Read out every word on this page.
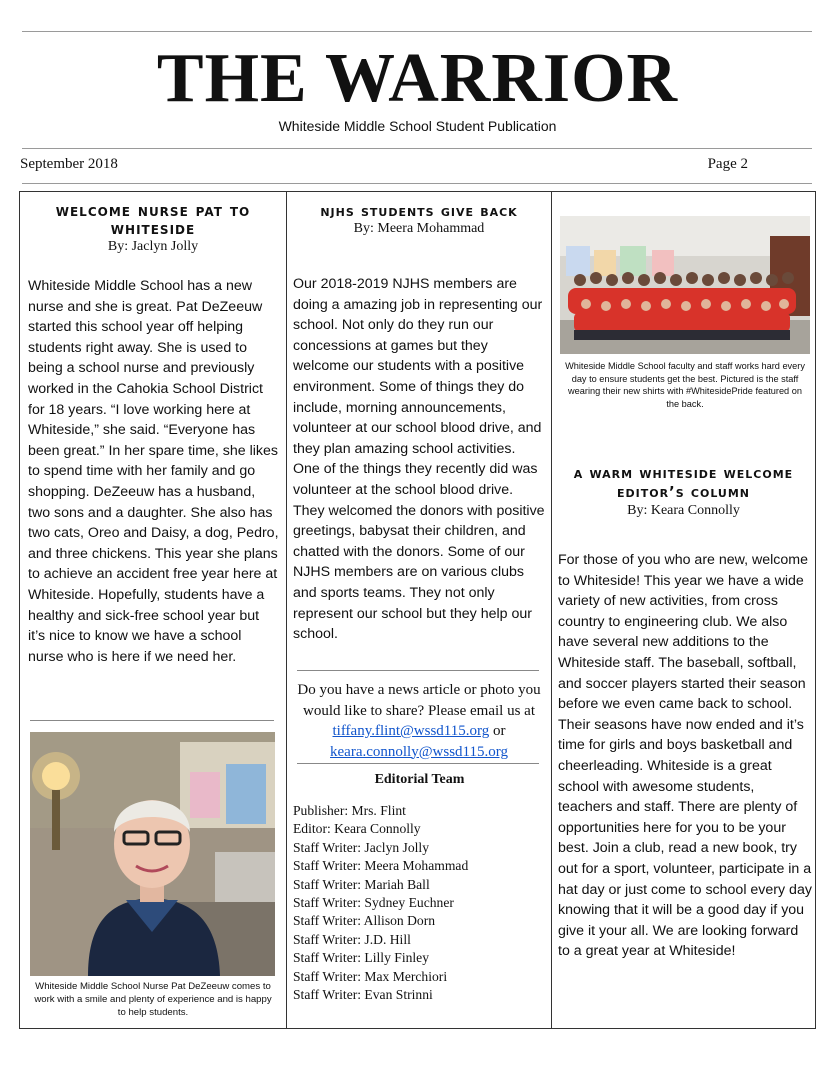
THE WARRIOR
Whiteside Middle School Student Publication
September 2018	Page 2
welcome nurse pat to whiteside
By: Jaclyn Jolly

Whiteside Middle School has a new nurse and she is great. Pat DeZeeuw started this school year off helping students right away. She is used to being a school nurse and previously worked in the Cahokia School District for 18 years. “I love working here at Whiteside,” she said. “Everyone has been great.” In her spare time, she likes to spend time with her family and go shopping. DeZeeuw has a husband, two sons and a daughter. She also has two cats, Oreo and Daisy, a dog, Pedro, and three chickens. This year she plans to achieve an accident free year here at Whiteside. Hopefully, students have a healthy and sick-free school year but it’s nice to know we have a school nurse who is here if we need her.

Whiteside Middle School Nurse Pat DeZeeuw comes to work with a smile and plenty of experience and is happy to help students.

njhs students give back
By: Meera Mohammad

Our 2018-2019 NJHS members are doing a amazing job in representing our school. Not only do they run our concessions at games but they welcome our students with a positive environment. Some of things they do include, morning announcements, volunteer at our school blood drive, and they plan amazing school activities. One of the things they recently did was volunteer at the school blood drive. They welcomed the donors with positive greetings, babysat their children, and chatted with the donors. Some of our NJHS members are on various clubs and sports teams. They not only represent our school but they help our school.

Do you have a news article or photo you would like to share? Please email us at tiffany.flint@wssd115.org or keara.connolly@wssd115.org

Editorial Team
Publisher: Mrs. Flint
Editor: Keara Connolly
Staff Writer: Jaclyn Jolly
Staff Writer: Meera Mohammad
Staff Writer: Mariah Ball
Staff Writer: Sydney Euchner
Staff Writer: Allison Dorn
Staff Writer: J.D. Hill
Staff Writer: Lilly Finley
Staff Writer: Max Merchiori
Staff Writer: Evan Strinni

Whiteside Middle School faculty and staff works hard every day to ensure students get the best. Pictured is the staff wearing their new shirts with #WhitesidePride featured on the back.

a warm whiteside welcome editor’s column
By: Keara Connolly

For those of you who are new, welcome to Whiteside! This year we have a wide variety of new activities, from cross country to engineering club. We also have several new additions to the Whiteside staff. The baseball, softball, and soccer players started their season before we even came back to school. Their seasons have now ended and it’s time for girls and boys basketball and cheerleading. Whiteside is a great school with awesome students, teachers and staff. There are plenty of opportunities here for you to be your best. Join a club, read a new book, try out for a sport, volunteer, participate in a hat day or just come to school every day knowing that it will be a good day if you give it your all. We are looking forward to a great year at Whiteside!
